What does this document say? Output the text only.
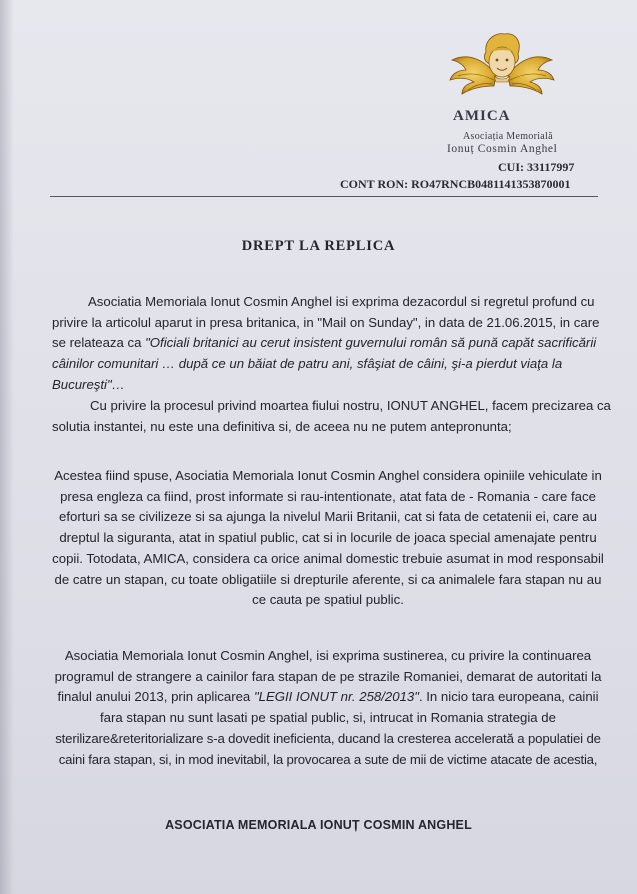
AMICA
Asociația Memorială
Ionuț Cosmin Anghel
CUI: 33117997
CONT RON: RO47RNCB0481141353870001
DREPT LA REPLICA
Asociatia Memoriala Ionut Cosmin Anghel isi exprima dezacordul si regretul profund cu
privire la articolul aparut in presa britanica, in "Mail on Sunday", in data de 21.06.2015, in care
se relateaza ca "Oficiali britanici au cerut insistent guvernului român să pună capăt sacrificării
câinilor comunitari … după ce un băiat de patru ani, sfâşiat de câini, şi-a pierdut viaţa la
Bucureşti"…
Cu privire la procesul privind moartea fiului nostru, IONUT ANGHEL, facem precizarea ca
solutia instantei, nu este una definitiva si, de aceea nu ne putem antepronunta;
Acestea fiind spuse, Asociatia Memoriala Ionut Cosmin Anghel considera opiniile vehiculate in
presa engleza ca fiind, prost informate si rau-intentionate, atat fata de - Romania - care face
eforturi sa se civilizeze si sa ajunga la nivelul Marii Britanii, cat si fata de cetatenii ei, care au
dreptul la siguranta, atat in spatiul public, cat si in locurile de joaca special amenajate pentru
copii. Totodata, AMICA, considera ca orice animal domestic trebuie asumat in mod responsabil
de catre un stapan, cu toate obligatiile si drepturile aferente, si ca animalele fara stapan nu au
ce cauta pe spatiul public.
Asociatia Memoriala Ionut Cosmin Anghel, isi exprima sustinerea, cu privire la continuarea
programul de strangere a cainilor fara stapan de pe strazile Romaniei, demarat de autoritati la
finalul anului 2013, prin aplicarea "LEGII IONUT nr. 258/2013". In nicio tara europeana, cainii
fara stapan nu sunt lasati pe spatial public, si, intrucat in Romania strategia de
sterilizare&reteritorializare s-a dovedit ineficienta, ducand la cresterea accelerată a populatiei de
caini fara stapan, si, in mod inevitabil, la provocarea a sute de mii de victime atacate de acestia,
ASOCIATIA MEMORIALA IONUȚ COSMIN ANGHEL
